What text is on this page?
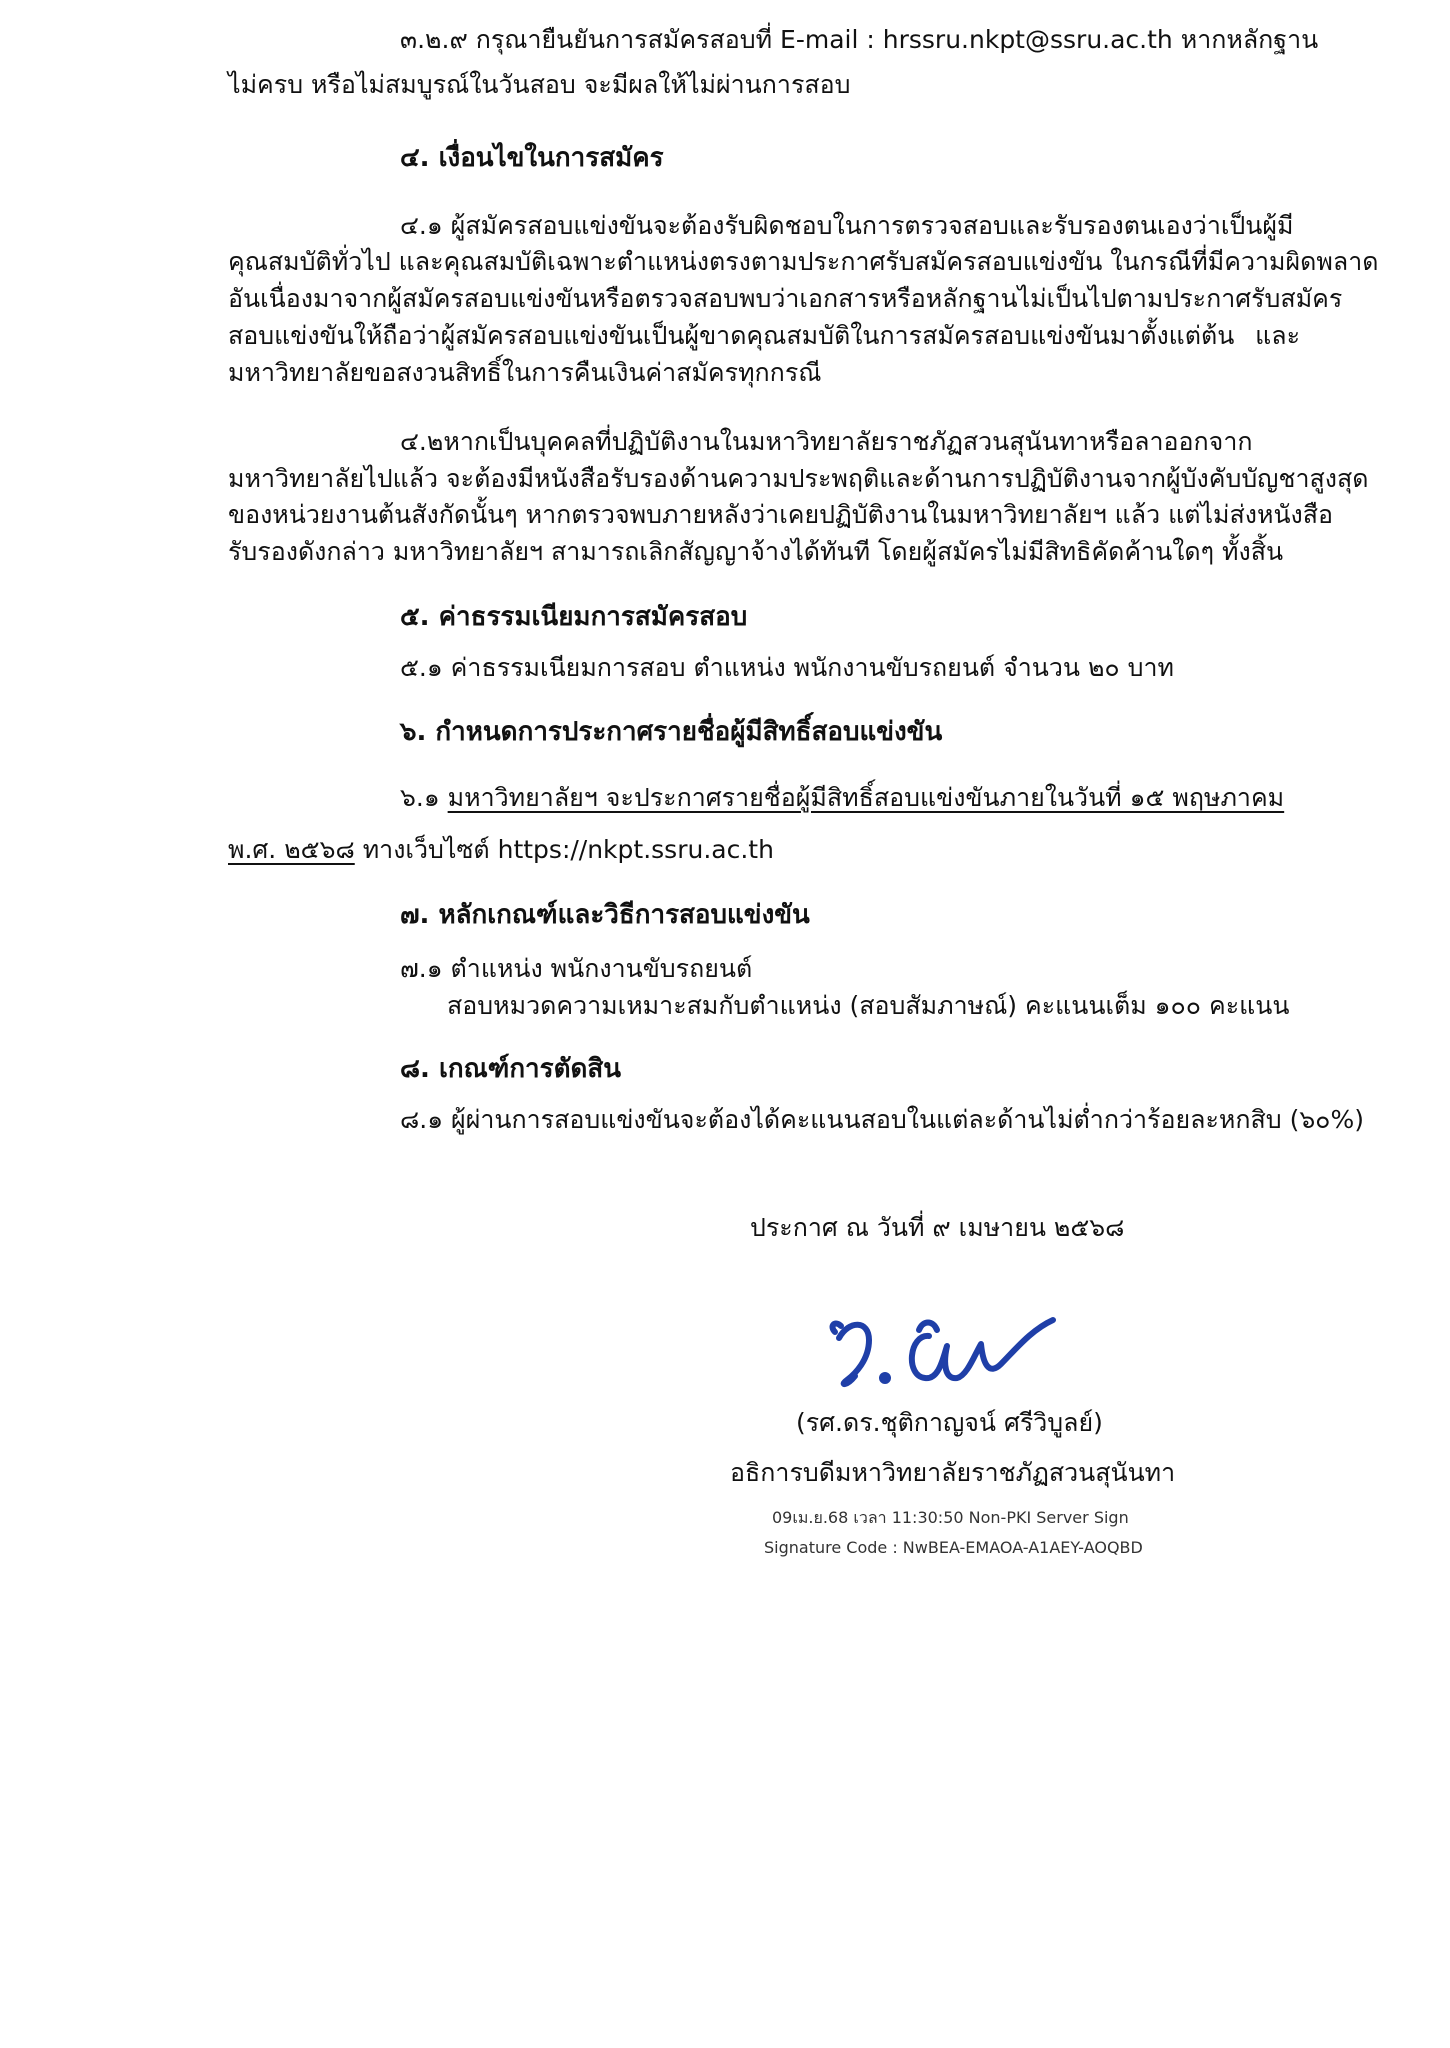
๓.๒.๙ กรุณายืนยันการสมัครสอบที่ E-mail : hrssru.nkpt@ssru.ac.th หากหลักฐาน
ไม่ครบ หรือไม่สมบูรณ์ในวันสอบ จะมีผลให้ไม่ผ่านการสอบ
๔. เงื่อนไขในการสมัคร
๔.๑ ผู้สมัครสอบแข่งขันจะต้องรับผิดชอบในการตรวจสอบและรับรองตนเองว่าเป็นผู้มี
คุณสมบัติทั่วไป และคุณสมบัติเฉพาะตำแหน่งตรงตามประกาศรับสมัครสอบแข่งขัน ในกรณีที่มีความผิดพลาด
อันเนื่องมาจากผู้สมัครสอบแข่งขันหรือตรวจสอบพบว่าเอกสารหรือหลักฐานไม่เป็นไปตามประกาศรับสมัคร
สอบแข่งขันให้ถือว่าผู้สมัครสอบแข่งขันเป็นผู้ขาดคุณสมบัติในการสมัครสอบแข่งขันมาตั้งแต่ต้น และ
มหาวิทยาลัยขอสงวนสิทธิ์ในการคืนเงินค่าสมัครทุกกรณี
๔.๒หากเป็นบุคคลที่ปฏิบัติงานในมหาวิทยาลัยราชภัฏสวนสุนันทาหรือลาออกจาก
มหาวิทยาลัยไปแล้ว จะต้องมีหนังสือรับรองด้านความประพฤติและด้านการปฏิบัติงานจากผู้บังคับบัญชาสูงสุด
ของหน่วยงานต้นสังกัดนั้นๆ หากตรวจพบภายหลังว่าเคยปฏิบัติงานในมหาวิทยาลัยฯ แล้ว แต่ไม่ส่งหนังสือ
รับรองดังกล่าว มหาวิทยาลัยฯ สามารถเลิกสัญญาจ้างได้ทันที โดยผู้สมัครไม่มีสิทธิคัดค้านใดๆ ทั้งสิ้น
๕. ค่าธรรมเนียมการสมัครสอบ
๕.๑ ค่าธรรมเนียมการสอบ ตำแหน่ง พนักงานขับรถยนต์ จำนวน ๒๐ บาท
๖. กำหนดการประกาศรายชื่อผู้มีสิทธิ์สอบแข่งขัน
๖.๑ มหาวิทยาลัยฯ จะประกาศรายชื่อผู้มีสิทธิ์สอบแข่งขันภายในวันที่ ๑๕ พฤษภาคม
พ.ศ. ๒๕๖๘ ทางเว็บไซต์ https://nkpt.ssru.ac.th
๗. หลักเกณฑ์และวิธีการสอบแข่งขัน
๗.๑ ตำแหน่ง พนักงานขับรถยนต์
สอบหมวดความเหมาะสมกับตำแหน่ง (สอบสัมภาษณ์) คะแนนเต็ม ๑๐๐ คะแนน
๘. เกณฑ์การตัดสิน
๘.๑ ผู้ผ่านการสอบแข่งขันจะต้องได้คะแนนสอบในแต่ละด้านไม่ต่ำกว่าร้อยละหกสิบ (๖๐%)
ประกาศ ณ วันที่ ๙ เมษายน ๒๕๖๘
(รศ.ดร.ชุติกาญจน์ ศรีวิบูลย์)
อธิการบดีมหาวิทยาลัยราชภัฏสวนสุนันทา
09เม.ย.68 เวลา 11:30:50 Non-PKI Server Sign
Signature Code : NwBEA-EMAOA-A1AEY-AOQBD
